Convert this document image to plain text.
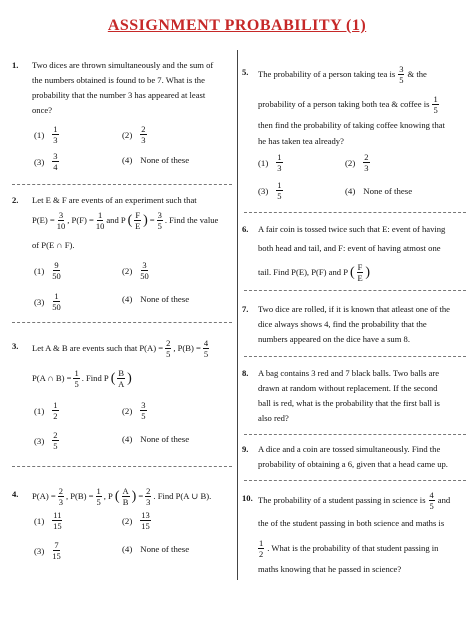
ASSIGNMENT PROBABILITY (1)
1. Two dices are thrown simultaneously and the sum of
the numbers obtained is found to be 7. What is the
probability that the number 3 has appeared at least
once?
$(1) \frac{1}{3}$	$(2) \frac{2}{3}$
$(3) \frac{3}{4}$	(4) None of these
2. Let E & F are events of an experiment such that
$P(E) = \frac{3}{10}$ , $P(F) = \frac{1}{10}$ and P ( $\frac{F}{E}$ ) = $\frac{3}{5}$ . Find the value
of P(E ∩ F).
$(1) \frac{9}{50}$	$(2) \frac{3}{50}$
$(3) \frac{1}{50}$	(4) None of these
3. Let A & B are events such that $P(A) = \frac{2}{5}$ , $P(B) = \frac{4}{5}$
P(A ∩ $B) = \frac{1}{5}$ . Find P ( $\frac{B}{A}$ )
$(1) \frac{1}{2}$	$(2) \frac{3}{5}$
$(3) \frac{2}{5}$	(4) None of these
4. $P(A) = \frac{2}{3}$ , $P(B) = \frac{1}{5}$ , P ( $\frac{A}{B}$ ) = $\frac{2}{3}$ . Find P(A ∪ B).
$(1) \frac{11}{15}$	$(2) \frac{13}{15}$
$(3) \frac{7}{15}$	(4) None of these
5. The probability of a person taking tea is $\frac{3}{5}$ & the
probability of a person taking both tea & coffee is $\frac{1}{5}$
then find the probability of taking coffee knowing that
he has taken tea already?
$(1) \frac{1}{3}$	$(2) \frac{2}{3}$
$(3) \frac{1}{5}$	(4) None of these
6. A fair coin is tossed twice such that E: event of having
both head and tail, and F: event of having atmost one
tail. Find P(E), P(F) and P ( $\frac{F}{E}$ )
7. Two dice are rolled, if it is known that atleast one of the
dice always shows 4, find the probability that the
numbers appeared on the dice have a sum 8.
8. A bag contains 3 red and 7 black balls. Two balls are
drawn at random without replacement. If the second
ball is red, what is the probability that the first ball is
also red?
9. A dice and a coin are tossed simultaneously. Find the
probability of obtaining a 6, given that a head came up.
10. The probability of a student passing in science is $\frac{4}{5}$ and
the of the student passing in both science and maths is
$\frac{1}{2}$ . What is the probability of that student passing in
maths knowing that he passed in science?
